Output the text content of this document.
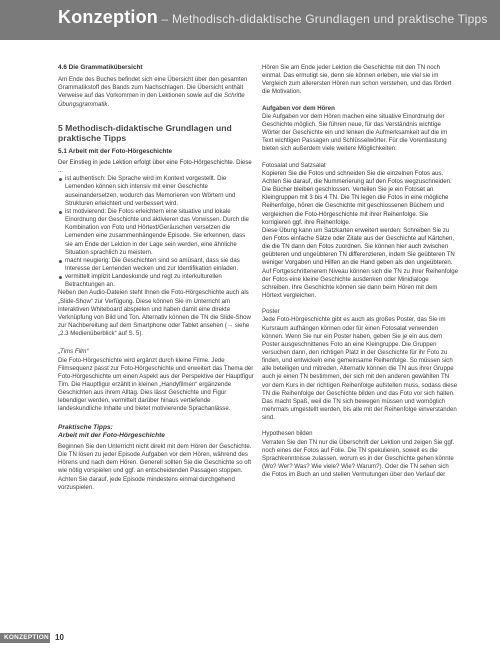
Konzeption – Methodisch-didaktische Grundlagen und praktische Tipps
4.6 Die Grammatikübersicht

Am Ende des Buches befindet sich eine Übersicht über den gesamten Grammatikstoff des Bands zum Nachschlagen. Die Übersicht enthält Verweise auf das Vorkommen in den Lektionen sowie auf die Schritte Übungsgrammatik.

5 Methodisch-didaktische Grundlagen und praktische Tipps
5.1 Arbeit mit der Foto-Hörgeschichte

Der Einstieg in jede Lektion erfolgt über eine Foto-Hörgeschichte. Diese ...

ist authentisch: Die Sprache wird im Kontext vorgestellt. Die Lernenden können sich intensiv mit einer Geschichte auseinandersetzen, wodurch das Memorieren von Wörtern und Strukturen erleichtert und verbessert wird.
ist motivierend: Die Fotos erleichtern eine situative und lokale Einordnung der Geschichte und aktivieren das Vorwissen. Durch die Kombination von Foto und Hörtext/Geräuschen versetzen die Lernenden eine zusammenhängende Episode. Sie erkennen, dass sie am Ende der Lektion in der Lage sein werden, eine ähnliche Situation sprachlich zu meistern.
macht neugierig: Die Geschichten sind so amüsant, dass sie das Interesse der Lernenden wecken und zur Identifikation einladen.
vermittelt implizit Landeskunde und regt zu interkulturellen Betrachtungen an.

Neben den Audio-Dateien steht Ihnen die Foto-Hörgeschichte auch als „Slide-Show“ zur Verfügung. Diese können Sie im Unterricht am interaktiven Whiteboard abspielen und haben damit eine direkte Verknüpfung von Bild und Ton. Alternativ können die TN die Slide-Show zur Nachbereitung auf dem Smartphone oder Tablet ansehen (→ siehe „2.3 Medienüberblick“ auf S. 5).

„Tims Film“

Die Foto-Hörgeschichte wird ergänzt durch kleine Filme. Jede Filmsequenz passt zur Foto-Hörgeschichte und erweitert das Thema der Foto-Hörgeschichte um einen Aspekt aus der Perspektive der Hauptfigur Tim. Die Hauptfigur erzählt in kleinen „Handyfilmen“ ergänzende Geschichten aus ihrem Alltag. Dies lässt Geschichte und Figur lebendiger werden, vermittelt darüber hinaus vertiefende landeskundliche Inhalte und bietet motivierende Sprachanlässe.

Praktische Tipps:
Arbeit mit der Foto-Hörgeschichte

Beginnen Sie den Unterricht nicht direkt mit dem Hören der Geschichte. Die TN lösen zu jeder Episode Aufgaben vor dem Hören, während des Hörens und nach dem Hören. Generell sollten Sie die Geschichte so oft wie nötig vorspielen und ggf. an entscheidenden Passagen stoppen. Achten Sie darauf, jede Episode mindestens einmal durchgehend vorzuspielen.

Hören Sie am Ende jeder Lektion die Geschichte mit den TN noch einmal. Das ermutigt sie, denn sie können erleben, wie viel sie im Vergleich zum allerersten Hören nun schon verstehen, und das fördert die Motivation.

Aufgaben vor dem Hören

Die Aufgaben vor dem Hören machen eine situative Einordnung der Geschichte möglich. Sie führen neue, für das Verständnis wichtige Wörter der Geschichte ein und lenken die Aufmerksamkeit auf die im Text wichtigen Passagen und Schlüsselwörter. Für die Vorentlastung bieten sich außerdem viele weitere Möglichkeiten:

Fotosalat und Satzsalat

Kopieren Sie die Fotos und schneiden Sie die einzelnen Fotos aus. Achten Sie darauf, die Nummerierung auf den Fotos wegzuschneiden. Die Bücher bleiben geschlossen. Verteilen Sie je ein Fotoset an Kleingruppen mit 3 bis 4 TN. Die TN legen die Fotos in eine mögliche Reihenfolge, hören die Geschichte mit geschlossenen Büchern und vergleichen die Foto-Hörgeschichte mit ihrer Reihenfolge. Sie korrigieren ggf. ihre Reihenfolge.

Diese Übung kann um Satzkarten erweitert werden: Schreiben Sie zu den Fotos einfache Sätze oder Zitate aus der Geschichte auf Kärtchen, die die TN dann den Fotos zuordnen. Sie können hier auch zwischen geübteren und ungeübteren TN differenzieren, indem Sie geübteren TN weniger Vorgaben und Hilfen an die Hand geben als den ungeübteren.

Auf Fortgeschrittenerem Niveau können sich die TN zu ihrer Reihenfolge der Fotos eine kleine Geschichte ausdenken oder Minidialoge schreiben. Ihre Geschichte können sie dann beim Hören mit dem Hörtext vergleichen.

Poster

Jede Foto-Hörgeschichte gibt es auch als großes Poster, das Sie im Kursraum aufhängen können oder für einen Fotosalat verwenden können. Wenn Sie nur ein Poster haben, geben Sie je ein aus dem Poster ausgeschnittenes Foto an eine Kleingruppe. Die Gruppen versuchen dann, den richtigen Platz in der Geschichte für ihr Foto zu finden, und entwickeln eine gemeinsame Reihenfolge. So müssen sich alle beteiligen und mitreden. Alternativ können die TN aus ihrer Gruppe auch je einen TN bestimmen, der sich mit den anderen gewählten TN vor dem Kurs in der richtigen Reihenfolge aufstellen muss, sodass diese TN die Reihenfolge der Geschichte bilden und das Foto vor sich halten. Das macht Spaß, weil die TN sich bewegen müssen und womöglich mehrmals umgestellt werden, bis alle mit der Reihenfolge einverstanden sind.

Hypothesen bilden

Verraten Sie den TN nur die Überschrift der Lektion und zeigen Sie ggf. noch eines der Fotos auf Folie. Die TN spekulieren, soweit es die Sprachkenntnisse zulassen, worum es in der Geschichte gehen könnte (Wo? Wer? Was? Wie viele? Wie? Warum?). Oder die TN sehen sich die Fotos im Buch an und stellen Vermutungen über den Verlauf der

KONZEPTION 10
